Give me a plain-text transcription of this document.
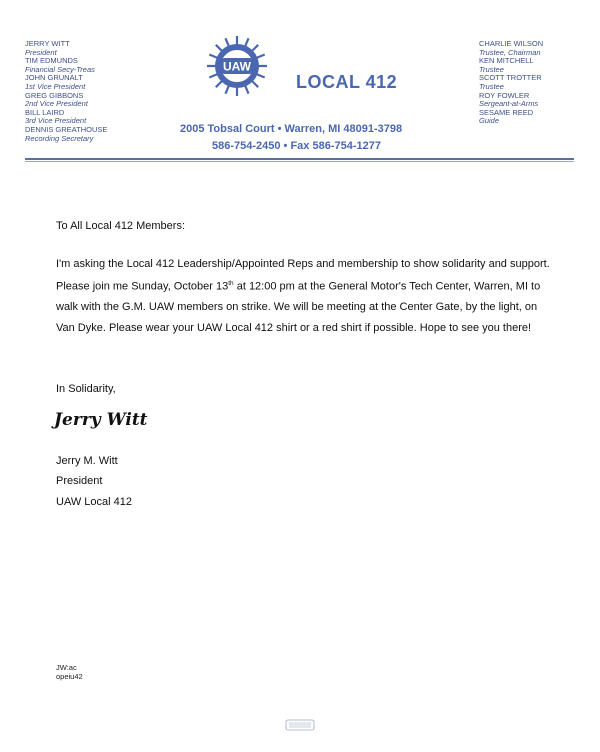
JERRY WITT
President
TIM EDMUNDS
Financial Secy-Treas
JOHN GRUNALT
1st Vice President
GREG GIBBONS
2nd Vice President
BILL LAIRD
3rd Vice President
DENNIS GREATHOUSE
Recording Secretary
UAW
LOCAL 412
2005 Tobsal Court • Warren, MI 48091-3798
586-754-2450 • Fax 586-754-1277
CHARLIE WILSON
Trustee, Chairman
KEN MITCHELL
Trustee
SCOTT TROTTER
Trustee
ROY FOWLER
Sergeant-at-Arms
SESAME REED
Guide

To All Local 412 Members:

I'm asking the Local 412 Leadership/Appointed Reps and membership to show solidarity and support. Please join me Sunday, October 13th at 12:00 pm at the General Motor's Tech Center, Warren, MI to walk with the G.M. UAW members on strike. We will be meeting at the Center Gate, by the light, on Van Dyke. Please wear your UAW Local 412 shirt or a red shirt if possible. Hope to see you there!

In Solidarity,

Jerry Witt
Jerry M. Witt
President
UAW Local 412
JW:ac
opeiu42
